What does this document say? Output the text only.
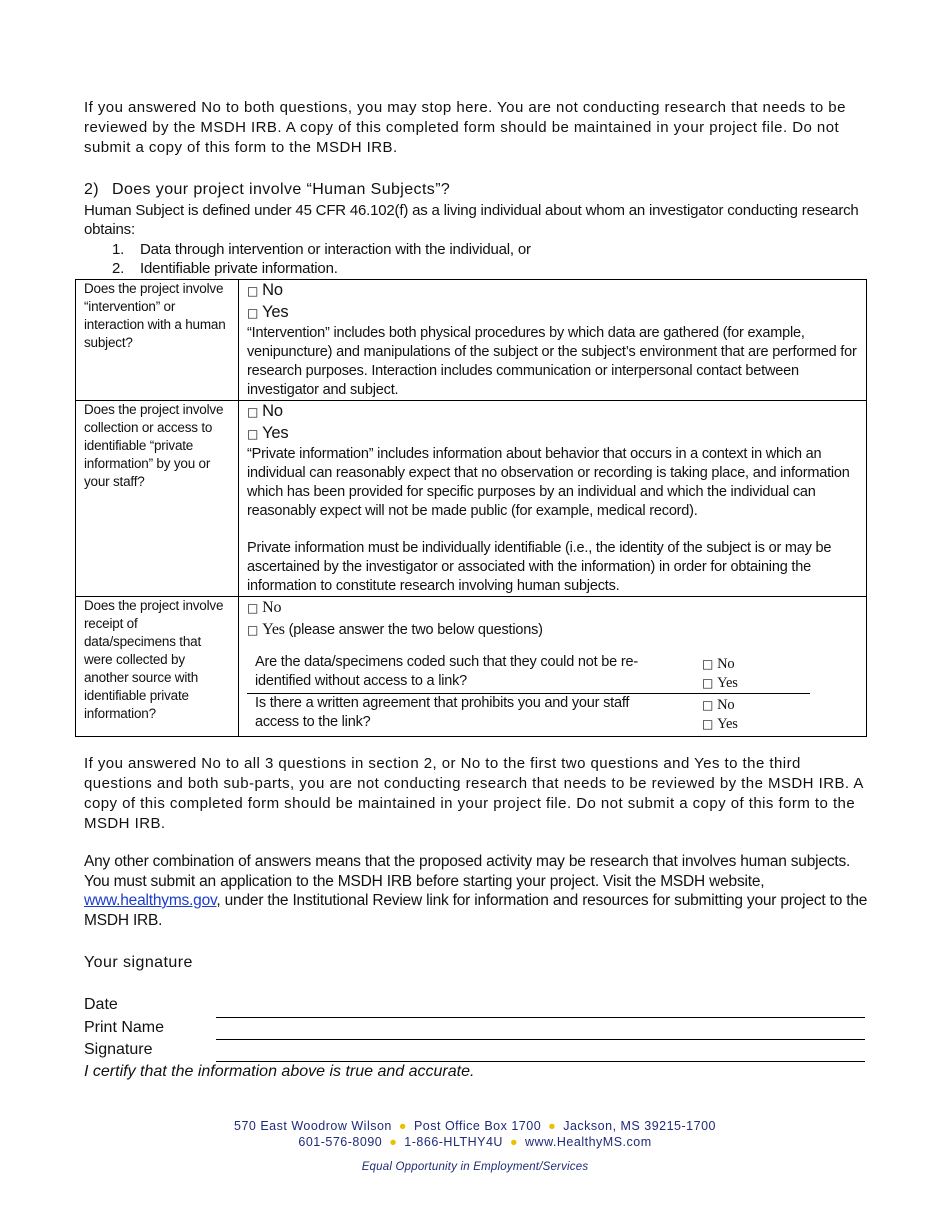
If you answered No to both questions, you may stop here. You are not conducting research that needs to be reviewed by the MSDH IRB. A copy of this completed form should be maintained in your project file. Do not submit a copy of this form to the MSDH IRB.
2) Does your project involve “Human Subjects”?
Human Subject is defined under 45 CFR 46.102(f) as a living individual about whom an investigator conducting research obtains:
1. Data through intervention or interaction with the individual, or
2. Identifiable private information.
Does the project involve “intervention” or interaction with a human subject?	
□ No
□ Yes
“Intervention” includes both physical procedures by which data are gathered (for example, venipuncture) and manipulations of the subject or the subject’s environment that are performed for research purposes. Interaction includes communication or interpersonal contact between investigator and subject.

Does the project involve collection or access to identifiable “private information” by you or your staff?	
□ No
□ Yes
“Private information” includes information about behavior that occurs in a context in which an individual can reasonably expect that no observation or recording is taking place, and information which has been provided for specific purposes by an individual and which the individual can reasonably expect will not be made public (for example, medical record).
Private information must be individually identifiable (i.e., the identity of the subject is or may be ascertained by the investigator or associated with the information) in order for obtaining the information to constitute research involving human subjects.

Does the project involve receipt of data/specimens that were collected by another source with identifiable private information?	
□ No
□ Yes (please answer the two below questions)
Are the data/specimens coded such that they could not be re-identified without access to a link?	
□ No
□ Yes

Is there a written agreement that prohibits you and your staff access to the link?	
□ No
□ Yes
If you answered No to all 3 questions in section 2, or No to the first two questions and Yes to the third questions and both sub-parts, you are not conducting research that needs to be reviewed by the MSDH IRB. A copy of this completed form should be maintained in your project file. Do not submit a copy of this form to the MSDH IRB.
Any other combination of answers means that the proposed activity may be research that involves human subjects. You must submit an application to the MSDH IRB before starting your project. Visit the MSDH website, www.healthyms.gov, under the Institutional Review link for information and resources for submitting your project to the MSDH IRB.
Your signature
Date
Print Name
Signature
I certify that the information above is true and accurate.
570 East Woodrow Wilson ● Post Office Box 1700 ● Jackson, MS 39215-1700
601-576-8090 ● 1-866-HLTHY4U ● www.HealthyMS.com
Equal Opportunity in Employment/Services
